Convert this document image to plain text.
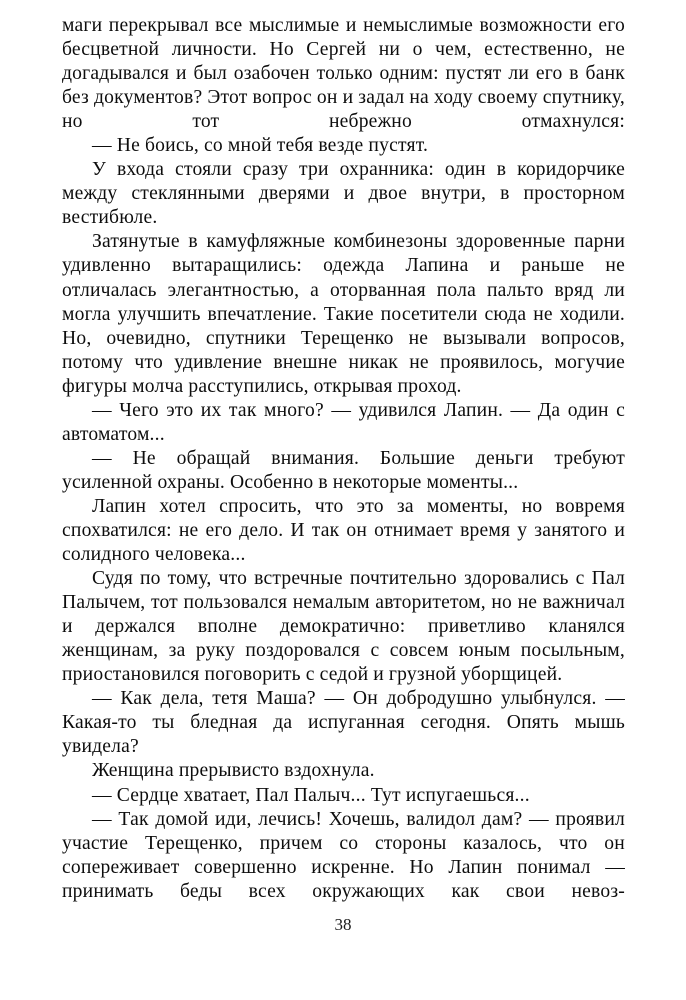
маги перекрывал все мыслимые и немыслимые возможности его бесцветной личности. Но Сергей ни о чем, естественно, не догадывался и был озабочен только одним: пустят ли его в банк без документов? Этот вопрос он и задал на ходу своему спутнику, но тот небрежно отмахнулся:

— Не боись, со мной тебя везде пустят.

У входа стояли сразу три охранника: один в коридорчике между стеклянными дверями и двое внутри, в просторном вестибюле.

Затянутые в камуфляжные комбинезоны здоровенные парни удивленно вытаращились: одежда Лапина и раньше не отличалась элегантностью, а оторванная пола пальто вряд ли могла улучшить впечатление. Такие посетители сюда не ходили. Но, очевидно, спутники Терещенко не вызывали вопросов, потому что удивление внешне никак не проявилось, могучие фигуры молча расступились, открывая проход.

— Чего это их так много? — удивился Лапин. — Да один с автоматом...

— Не обращай внимания. Большие деньги требуют усиленной охраны. Особенно в некоторые моменты...

Лапин хотел спросить, что это за моменты, но вовремя спохватился: не его дело. И так он отнимает время у занятого и солидного человека...

Судя по тому, что встречные почтительно здоровались с Пал Палычем, тот пользовался немалым авторитетом, но не важничал и держался вполне демократично: приветливо кланялся женщинам, за руку поздоровался с совсем юным посыльным, приостановился поговорить с седой и грузной уборщицей.

— Как дела, тетя Маша? — Он добродушно улыбнулся. — Какая-то ты бледная да испуганная сегодня. Опять мышь увидела?

Женщина прерывисто вздохнула.

— Сердце хватает, Пал Палыч... Тут испугаешься...

— Так домой иди, лечись! Хочешь, валидол дам? — проявил участие Терещенко, причем со стороны казалось, что он сопереживает совершенно искренне. Но Лапин понимал — принимать беды всех окружающих как свои невоз-

38
